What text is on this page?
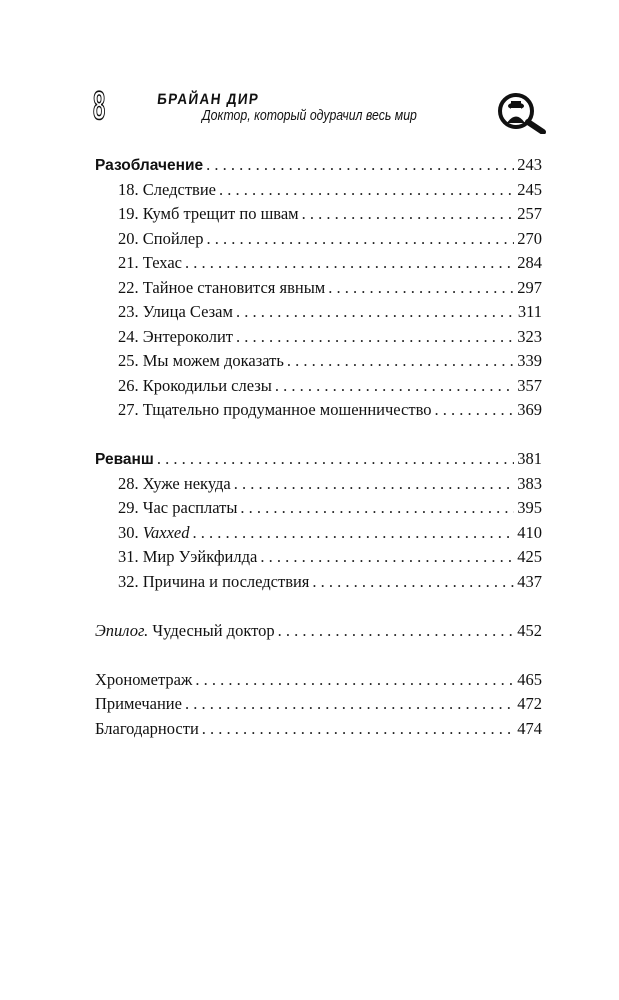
8	БРАЙАН ДИР
Доктор, который одурачил весь мир
Разоблачение . . .	243
18. Следствие . . .	245
19. Кумб трещит по швам . . .	257
20. Спойлер . . .	270
21. Техас . . .	284
22. Тайное становится явным . . .	297
23. Улица Сезам . . .	311
24. Энтероколит . . .	323
25. Мы можем доказать . . .	339
26. Крокодильи слезы . . .	357
27. Тщательно продуманное мошенничество . . .	369
Реванш . . .	381
28. Хуже некуда . . .	383
29. Час расплаты . . .	395
30. Vaxxed . . .	410
31. Мир Уэйкфилда . . .	425
32. Причина и последствия . . .	437
Эпилог. Чудесный доктор . . .	452
Хронометраж . . .	465
Примечание . . .	472
Благодарности . . .	474
